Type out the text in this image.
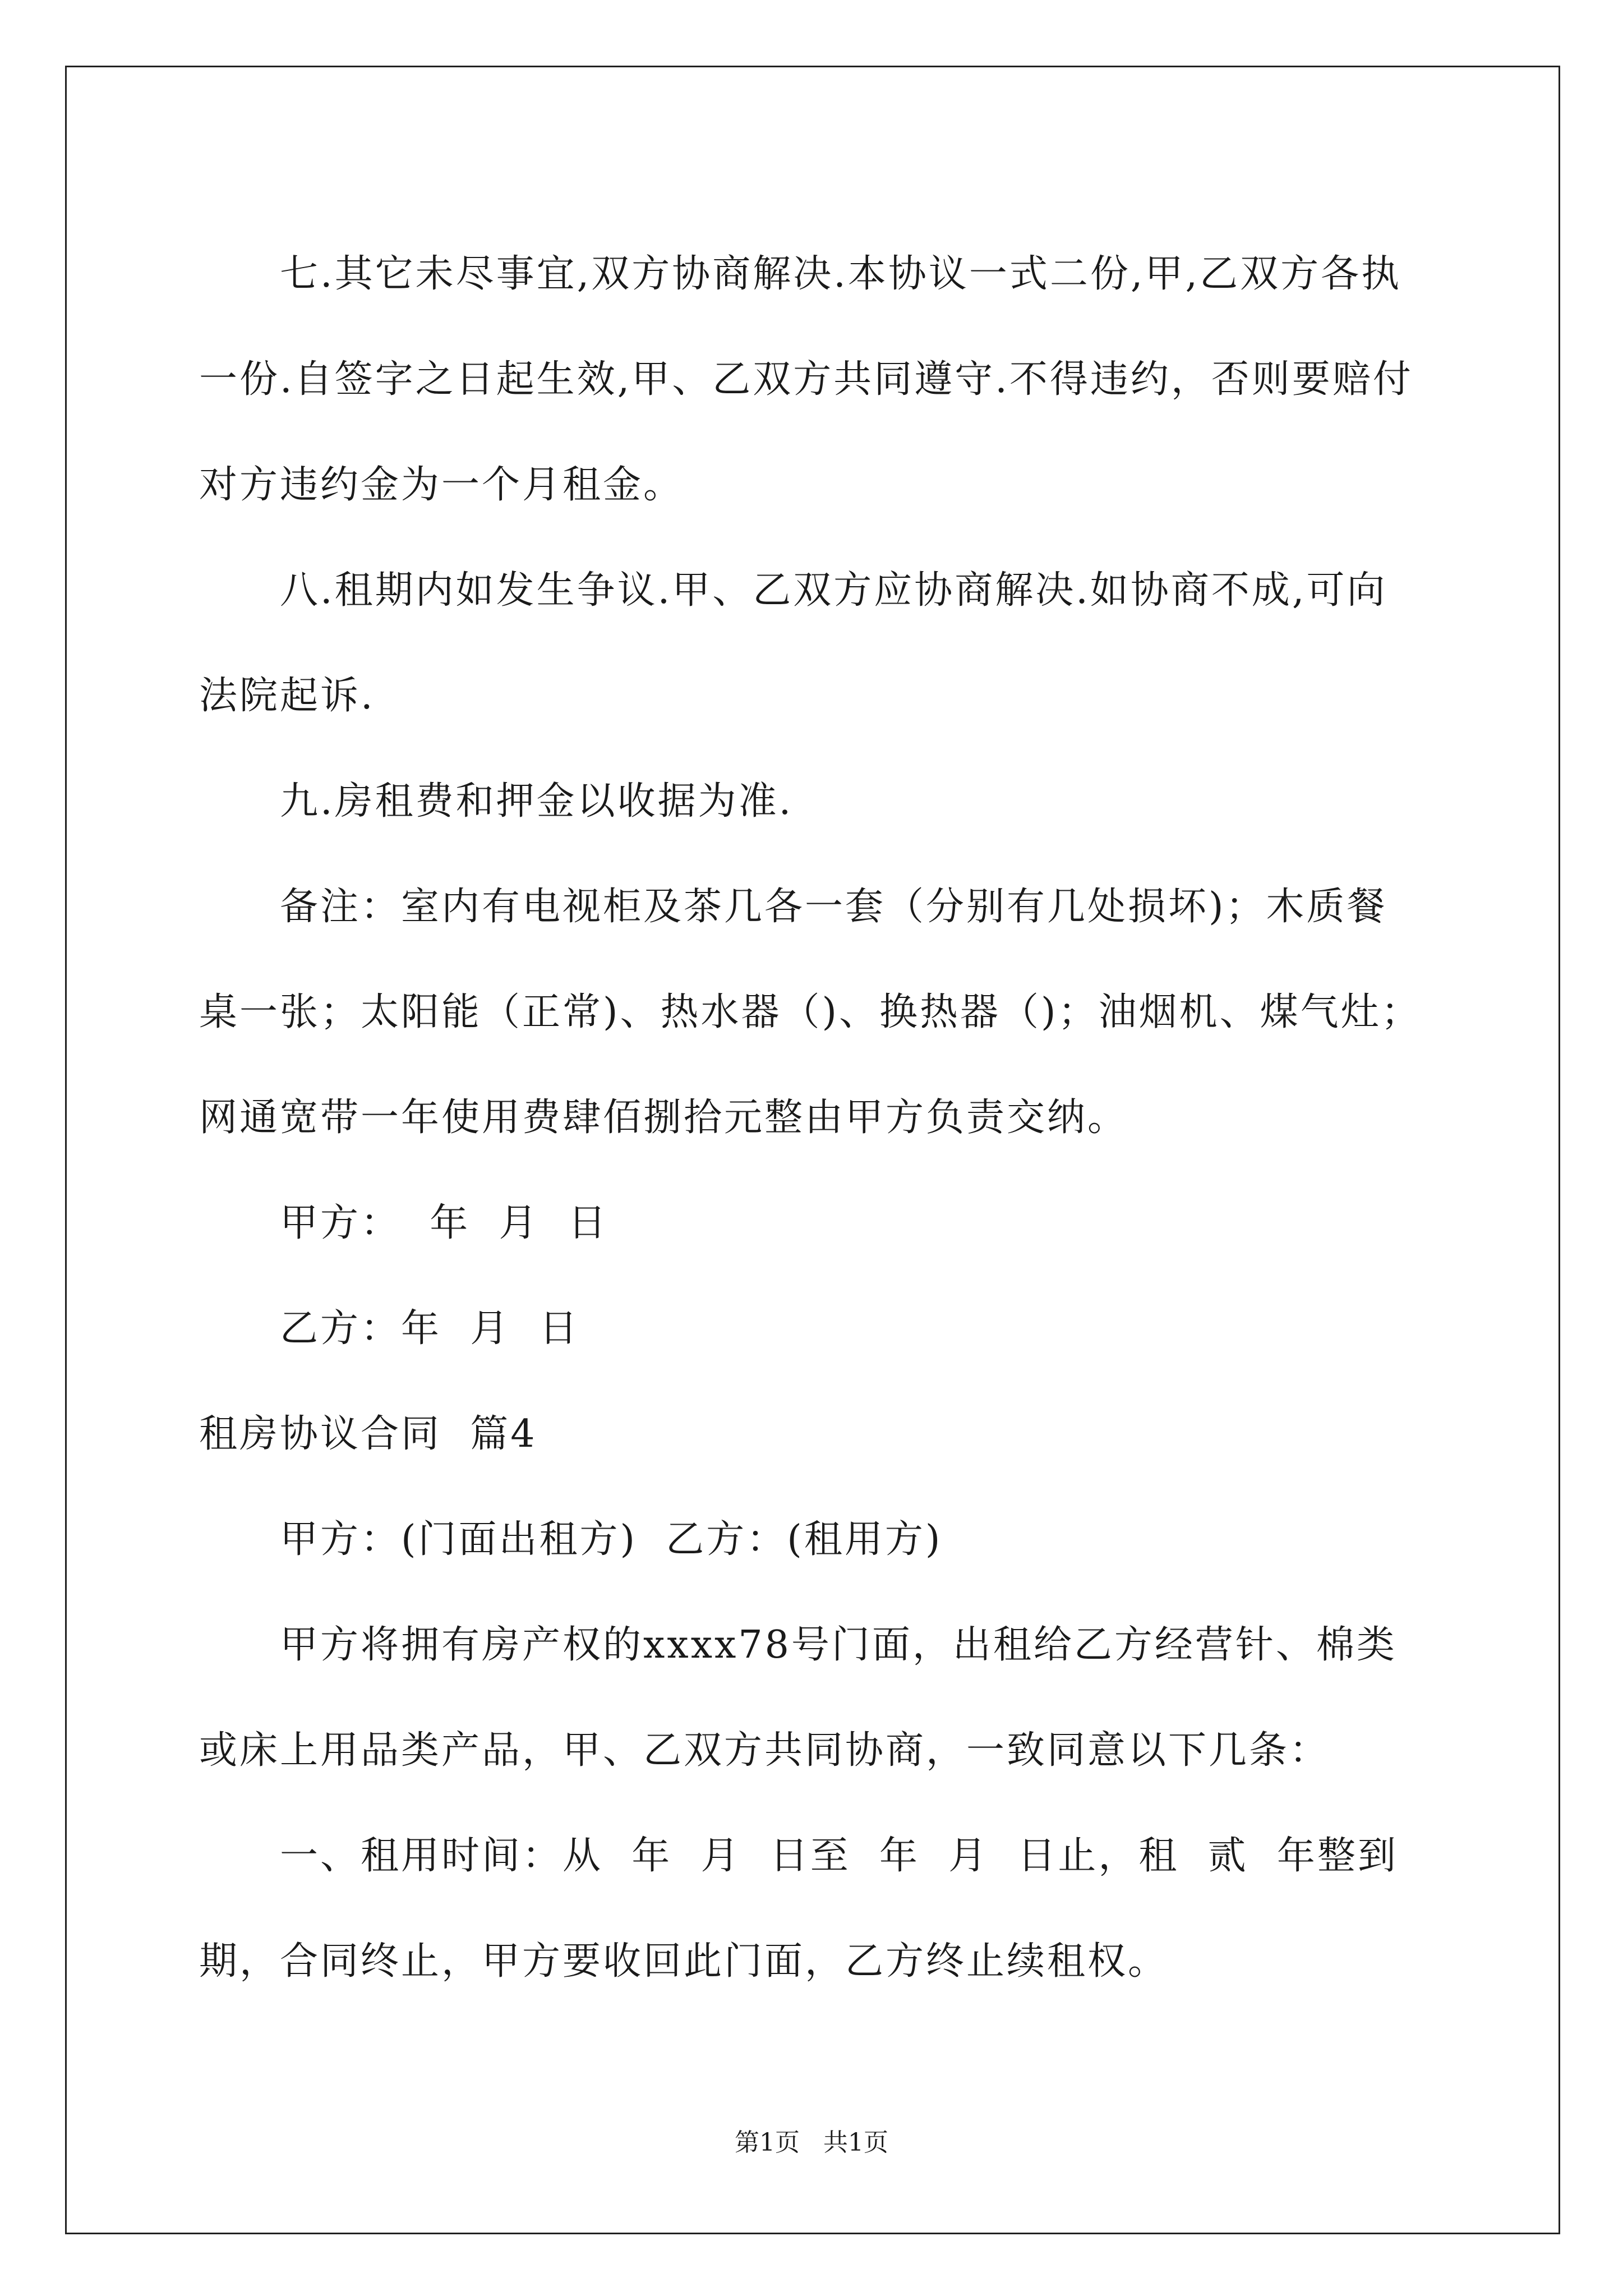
七.其它未尽事宜,双方协商解决.本协议一式二份,甲,乙双方各执一份.自签字之日起生效,甲、乙双方共同遵守.不得违约，否则要赔付对方违约金为一个月租金。

八.租期内如发生争议.甲、乙双方应协商解决.如协商不成,可向法院起诉.

九.房租费和押金以收据为准.

备注：室内有电视柜及茶几各一套（分别有几处损坏)；木质餐桌一张；太阳能（正常)、热水器（)、换热器（)；油烟机、煤气灶；网通宽带一年使用费肆佰捌拾元整由甲方负责交纳。

甲方：  年  月  日

乙方：年  月  日

租房协议合同  篇4

甲方：(门面出租方)  乙方：(租用方)

甲方将拥有房产权的xxxx78号门面，出租给乙方经营针、棉类或床上用品类产品，甲、乙双方共同协商，一致同意以下几条：

一、租用时间：从  年  月  日至  年  月  日止，租  贰  年整到期，合同终止，甲方要收回此门面，乙方终止续租权。

第1页   共1页
